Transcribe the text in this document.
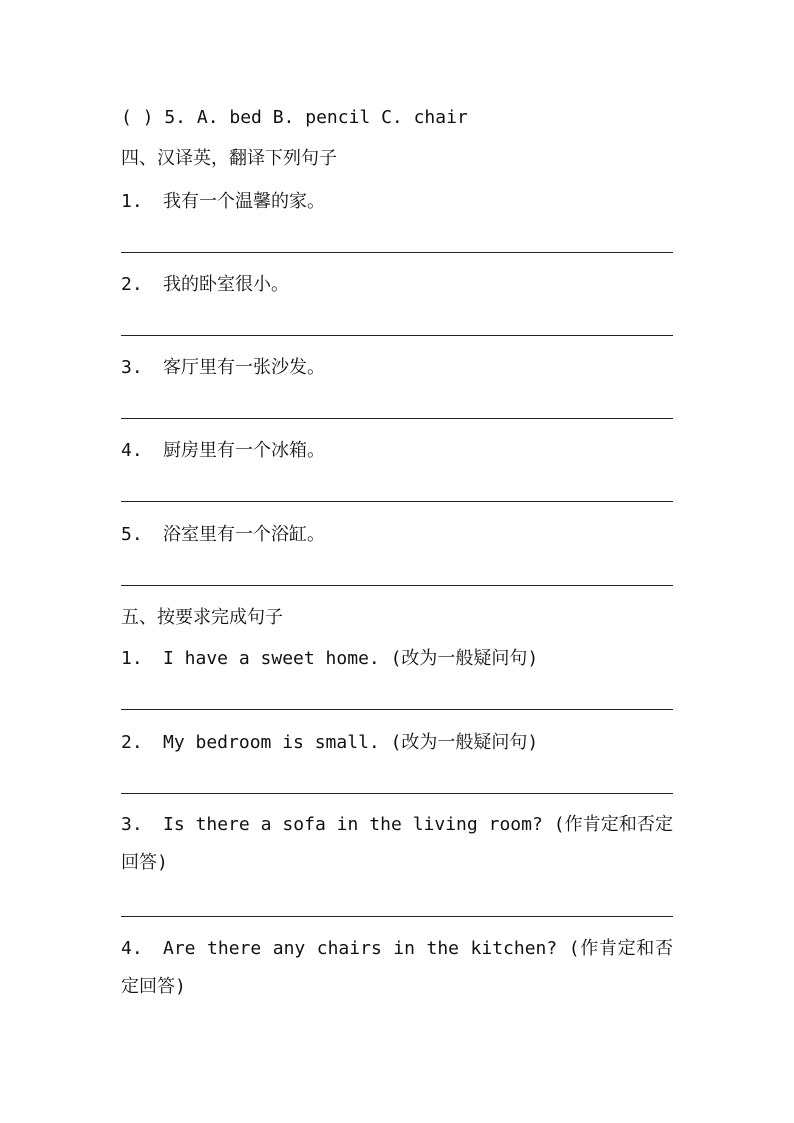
( ) 5. A. bed B. pencil C. chair
四、汉译英，翻译下列句子
1. 我有一个温馨的家。
2. 我的卧室很小。
3. 客厅里有一张沙发。
4. 厨房里有一个冰箱。
5. 浴室里有一个浴缸。
五、按要求完成句子
1. I have a sweet home. (改为一般疑问句)
2. My bedroom is small. (改为一般疑问句)
3. Is there a sofa in the living room? (作肯定和否定回答)
4. Are there any chairs in the kitchen? (作肯定和否定回答)
